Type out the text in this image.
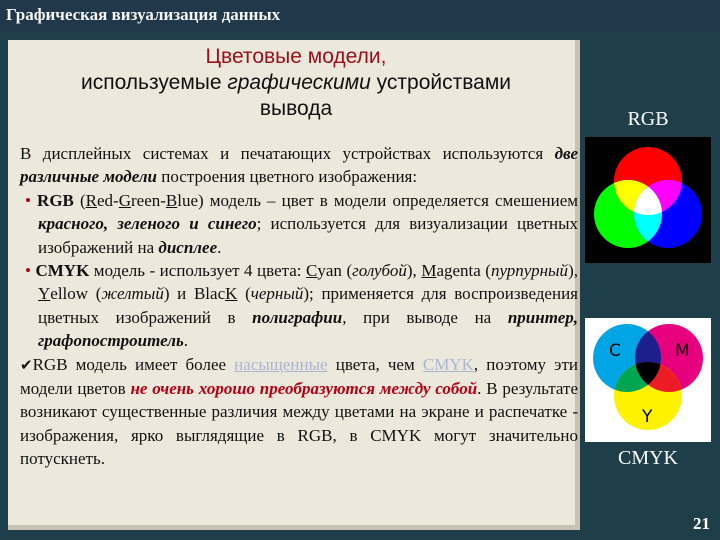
Графическая визуализация данных
Цветовые модели,
используемые графическими устройствами
вывода

В дисплейных системах и печатающих устройствах используются две различные модели построения цветного изображения:

• RGB (Red-Green-Blue) модель – цвет в модели определяется смешением красного, зеленого и синего; используется для визуализации цветных изображений на дисплее.

• CMYK модель - использует 4 цвета: Cyan (голубой), Magenta (пурпурный), Yellow (желтый) и BlacK (черный); применяется для воспроизведения цветных изображений в полиграфии, при выводе на принтер, графопостроитель.

✔RGB модель имеет более насыщенные цвета, чем CMYK, поэтому эти модели цветов не очень хорошо преобразуются между собой. В результате возникают существенные различия между цветами на экране и распечатке - изображения, ярко выглядящие в RGB, в CMYK могут значительно потускнеть.

RGB
C	M
Y
CMYK
21
